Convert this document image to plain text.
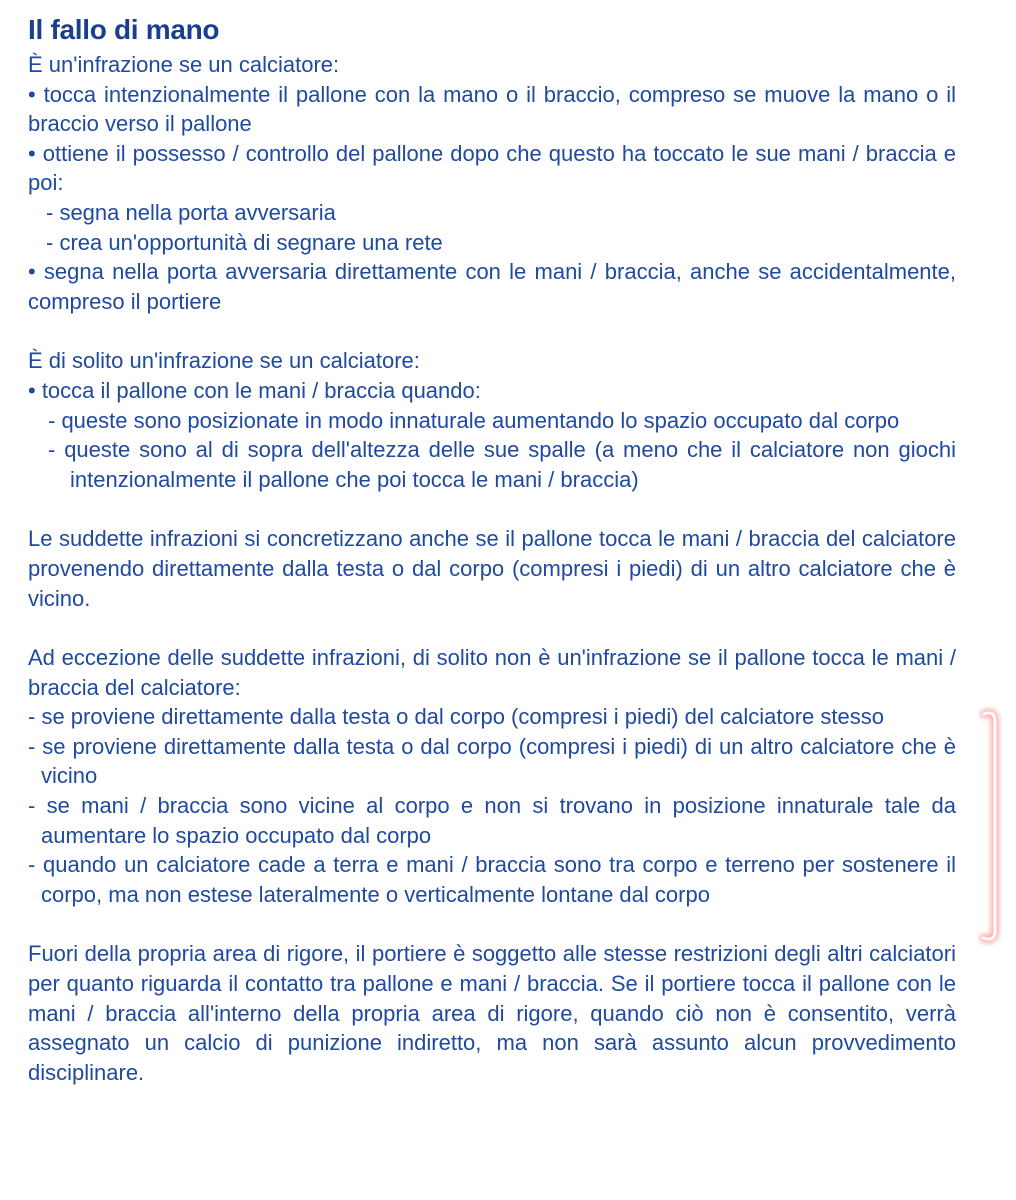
Il fallo di mano

È un'infrazione se un calciatore:

• tocca intenzionalmente il pallone con la mano o il braccio, compreso se muove la mano o il braccio verso il pallone

• ottiene il possesso / controllo del pallone dopo che questo ha toccato le sue mani / braccia e poi:

- segna nella porta avversaria

- crea un'opportunità di segnare una rete

• segna nella porta avversaria direttamente con le mani / braccia, anche se accidentalmente, compreso il portiere

È di solito un'infrazione se un calciatore:

• tocca il pallone con le mani / braccia quando:

- queste sono posizionate in modo innaturale aumentando lo spazio occupato dal corpo

- queste sono al di sopra dell'altezza delle sue spalle (a meno che il calciatore non giochi intenzionalmente il pallone che poi tocca le mani / braccia)

Le suddette infrazioni si concretizzano anche se il pallone tocca le mani / braccia del calciatore provenendo direttamente dalla testa o dal corpo (compresi i piedi) di un altro calciatore che è vicino.

Ad eccezione delle suddette infrazioni, di solito non è un'infrazione se il pallone tocca le mani / braccia del calciatore:

- se proviene direttamente dalla testa o dal corpo (compresi i piedi) del calciatore stesso

- se proviene direttamente dalla testa o dal corpo (compresi i piedi) di un altro calciatore che è vicino

- se mani / braccia sono vicine al corpo e non si trovano in posizione innaturale tale da aumentare lo spazio occupato dal corpo

- quando un calciatore cade a terra e mani / braccia sono tra corpo e terreno per sostenere il corpo, ma non estese lateralmente o verticalmente lontane dal corpo

Fuori della propria area di rigore, il portiere è soggetto alle stesse restrizioni degli altri calciatori per quanto riguarda il contatto tra pallone e mani / braccia. Se il portiere tocca il pallone con le mani / braccia all'interno della propria area di rigore, quando ciò non è consentito, verrà assegnato un calcio di punizione indiretto, ma non sarà assunto alcun provvedimento disciplinare.
